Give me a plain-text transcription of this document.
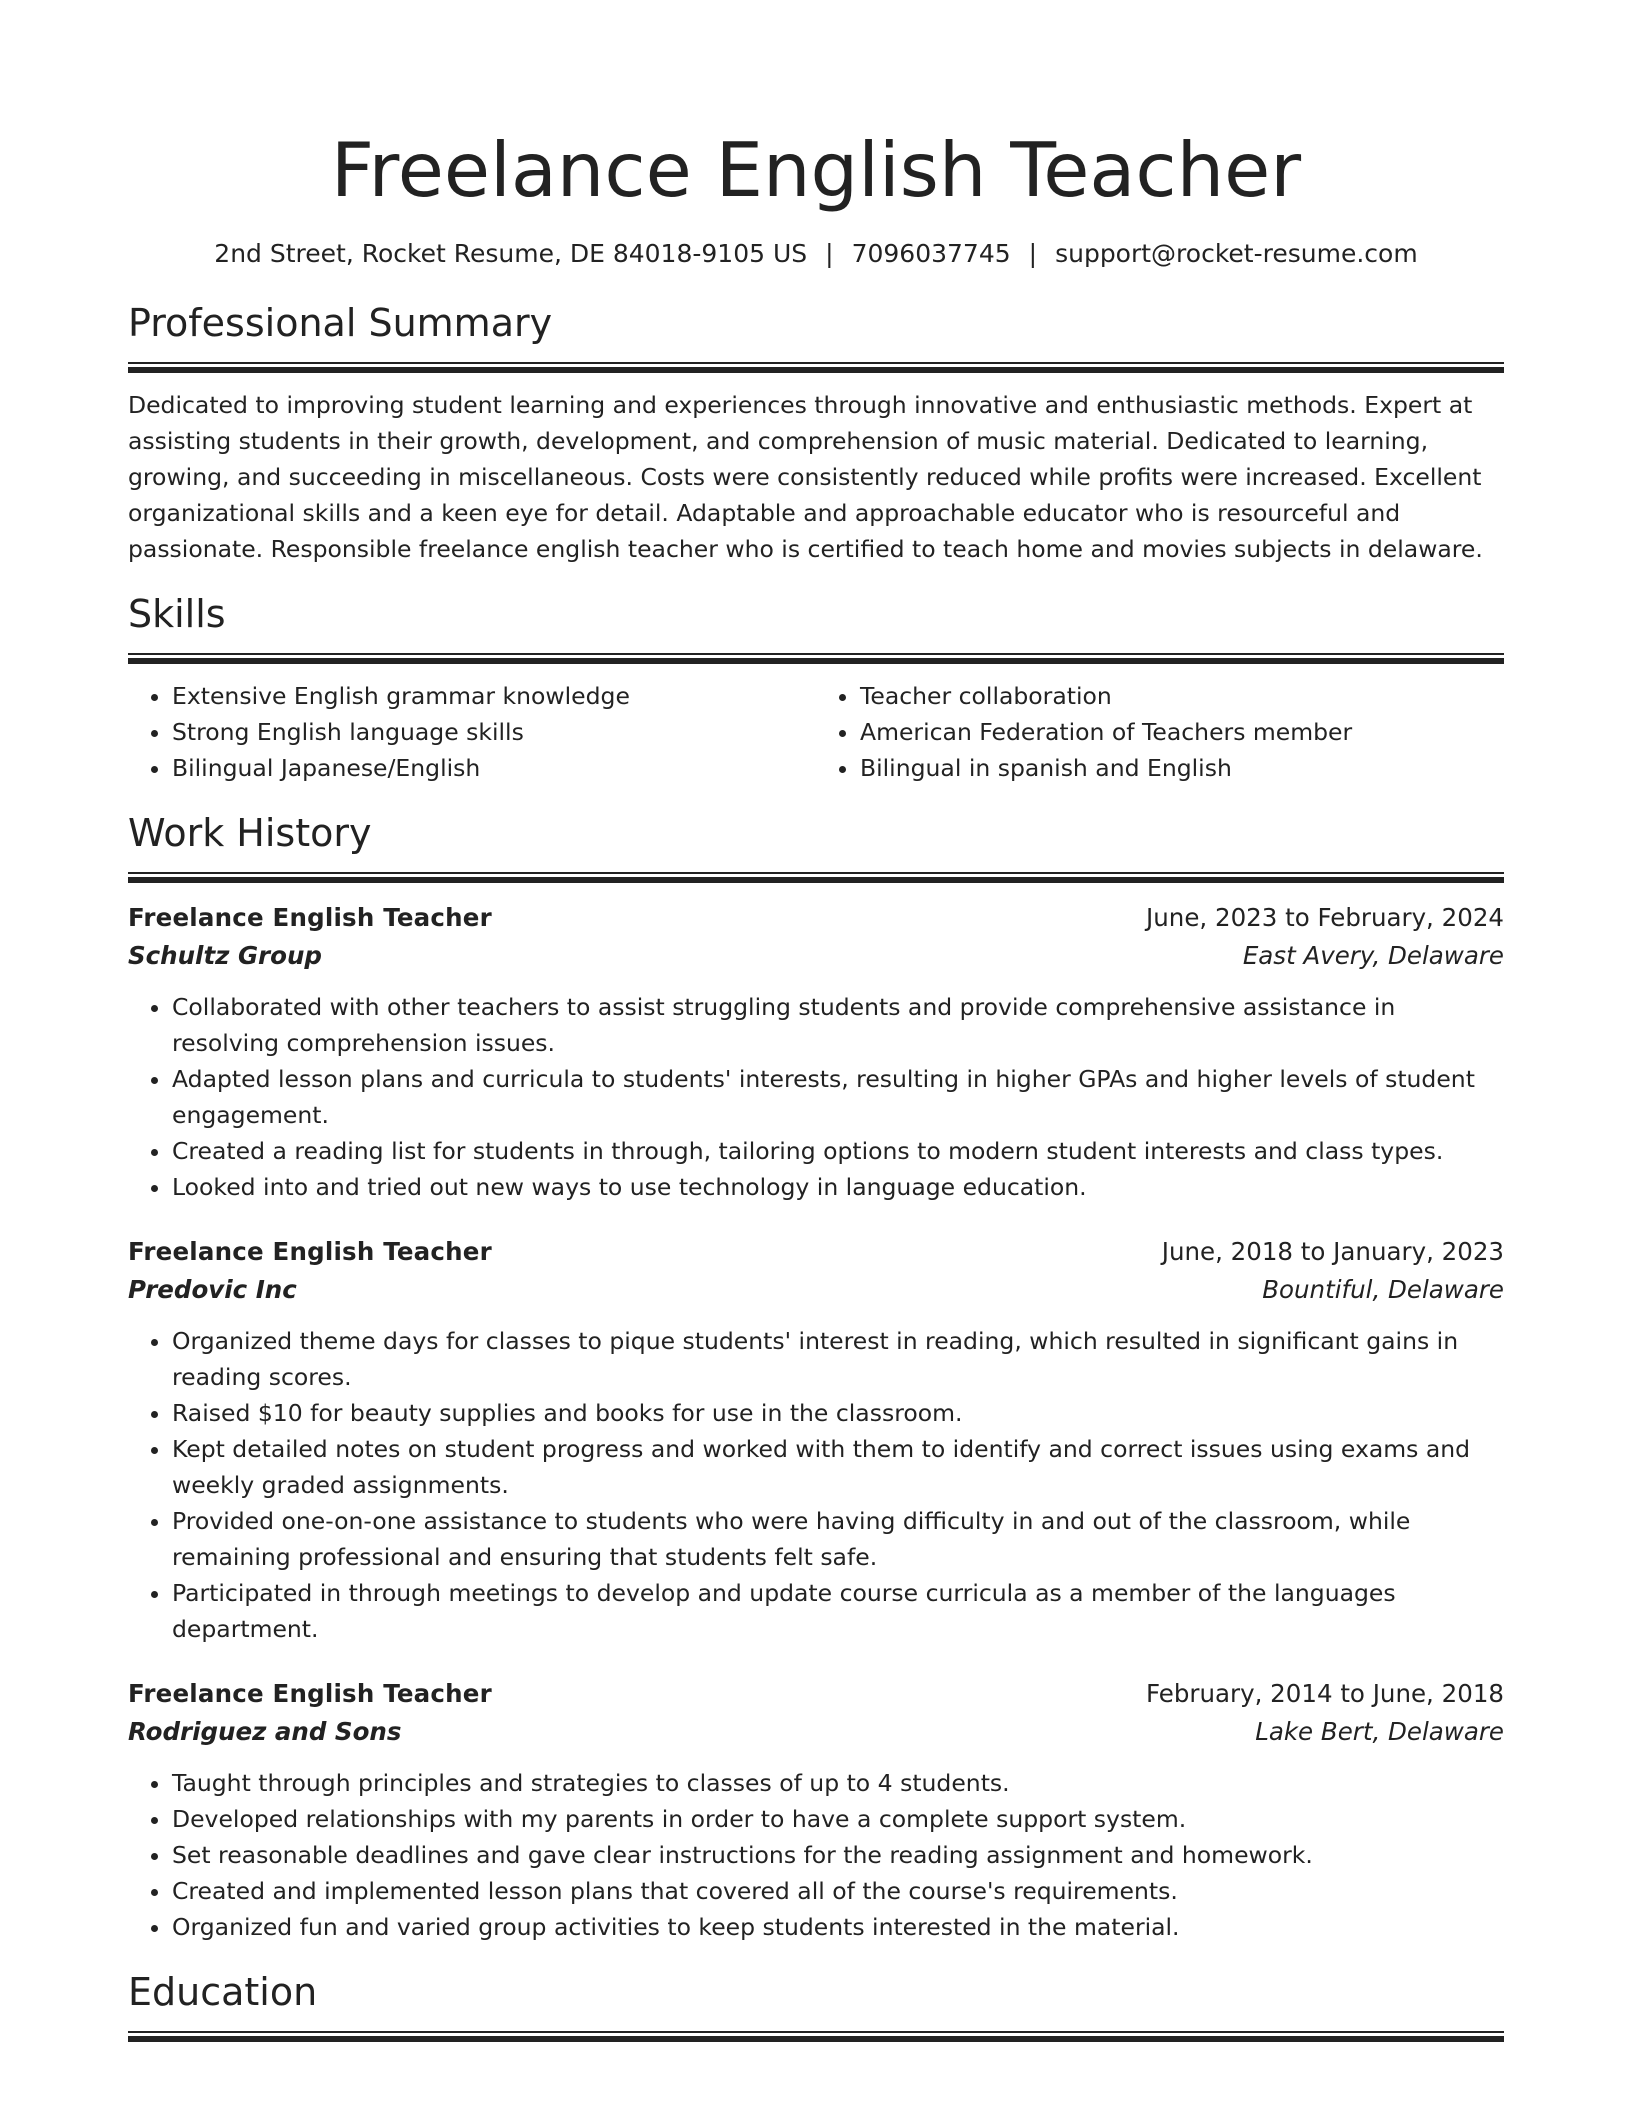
Freelance English Teacher
2nd Street, Rocket Resume, DE 84018-9105 US | 7096037745 | support@rocket-resume.com
Professional Summary

Dedicated to improving student learning and experiences through innovative and enthusiastic methods. Expert at assisting students in their growth, development, and comprehension of music material. Dedicated to learning, growing, and succeeding in miscellaneous. Costs were consistently reduced while profits were increased. Excellent organizational skills and a keen eye for detail. Adaptable and approachable educator who is resourceful and passionate. Responsible freelance english teacher who is certified to teach home and movies subjects in delaware.

Skills
• Extensive English grammar knowledge
• Strong English language skills
• Bilingual Japanese/English
• Teacher collaboration
• American Federation of Teachers member
• Bilingual in spanish and English
Work History
Freelance English Teacher	June, 2023 to February, 2024
Schultz Group	East Avery, Delaware
• Collaborated with other teachers to assist struggling students and provide comprehensive assistance in resolving comprehension issues.
• Adapted lesson plans and curricula to students' interests, resulting in higher GPAs and higher levels of student engagement.
• Created a reading list for students in through, tailoring options to modern student interests and class types.
• Looked into and tried out new ways to use technology in language education.
Freelance English Teacher	June, 2018 to January, 2023
Predovic Inc	Bountiful, Delaware
• Organized theme days for classes to pique students' interest in reading, which resulted in significant gains in reading scores.
• Raised $10 for beauty supplies and books for use in the classroom.
• Kept detailed notes on student progress and worked with them to identify and correct issues using exams and weekly graded assignments.
• Provided one-on-one assistance to students who were having difficulty in and out of the classroom, while remaining professional and ensuring that students felt safe.
• Participated in through meetings to develop and update course curricula as a member of the languages department.
Freelance English Teacher	February, 2014 to June, 2018
Rodriguez and Sons	Lake Bert, Delaware
• Taught through principles and strategies to classes of up to 4 students.
• Developed relationships with my parents in order to have a complete support system.
• Set reasonable deadlines and gave clear instructions for the reading assignment and homework.
• Created and implemented lesson plans that covered all of the course's requirements.
• Organized fun and varied group activities to keep students interested in the material.
Education
